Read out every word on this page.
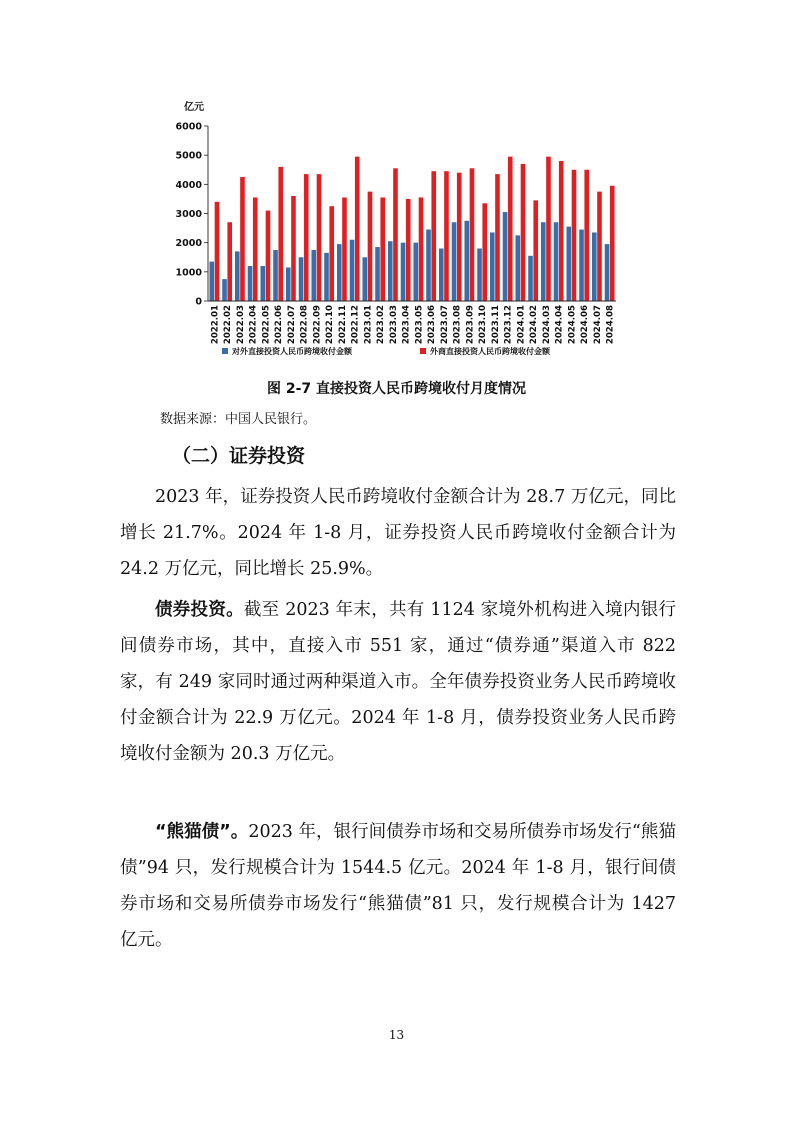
亿元
0
1000
2000
3000
4000
5000
6000
2022.01 2022.02 2022.03 2022.04 2022.05 2022.06 2022.07 2022.08 2022.09 2022.10 2022.11 2022.12 2023.01 2023.02 2023.03 2023.04 2023.05 2023.06 2023.07 2023.08 2023.09 2023.10 2023.11 2023.12 2024.01 2024.02 2024.03 2024.04 2024.05 2024.06 2024.07 2024.08
对外直接投资人民币跨境收付金额	外商直接投资人民币跨境收付金额
图 2-7 直接投资人民币跨境收付月度情况
数据来源：中国人民银行。
（二）证券投资

2023 年，证券投资人民币跨境收付金额合计为 28.7 万亿元，同比增长 21.7%。2024 年 1-8 月，证券投资人民币跨境收付金额合计为 24.2 万亿元，同比增长 25.9%。

债券投资。截至 2023 年末，共有 1124 家境外机构进入境内银行间债券市场，其中，直接入市 551 家，通过“债券通”渠道入市 822 家，有 249 家同时通过两种渠道入市。全年债券投资业务人民币跨境收付金额合计为 22.9 万亿元。2024 年 1-8 月，债券投资业务人民币跨境收付金额为 20.3 万亿元。

“熊猫债”。2023 年，银行间债券市场和交易所债券市场发行“熊猫债”94 只，发行规模合计为 1544.5 亿元。2024 年 1-8 月，银行间债券市场和交易所债券市场发行“熊猫债”81 只，发行规模合计为 1427 亿元。

13
